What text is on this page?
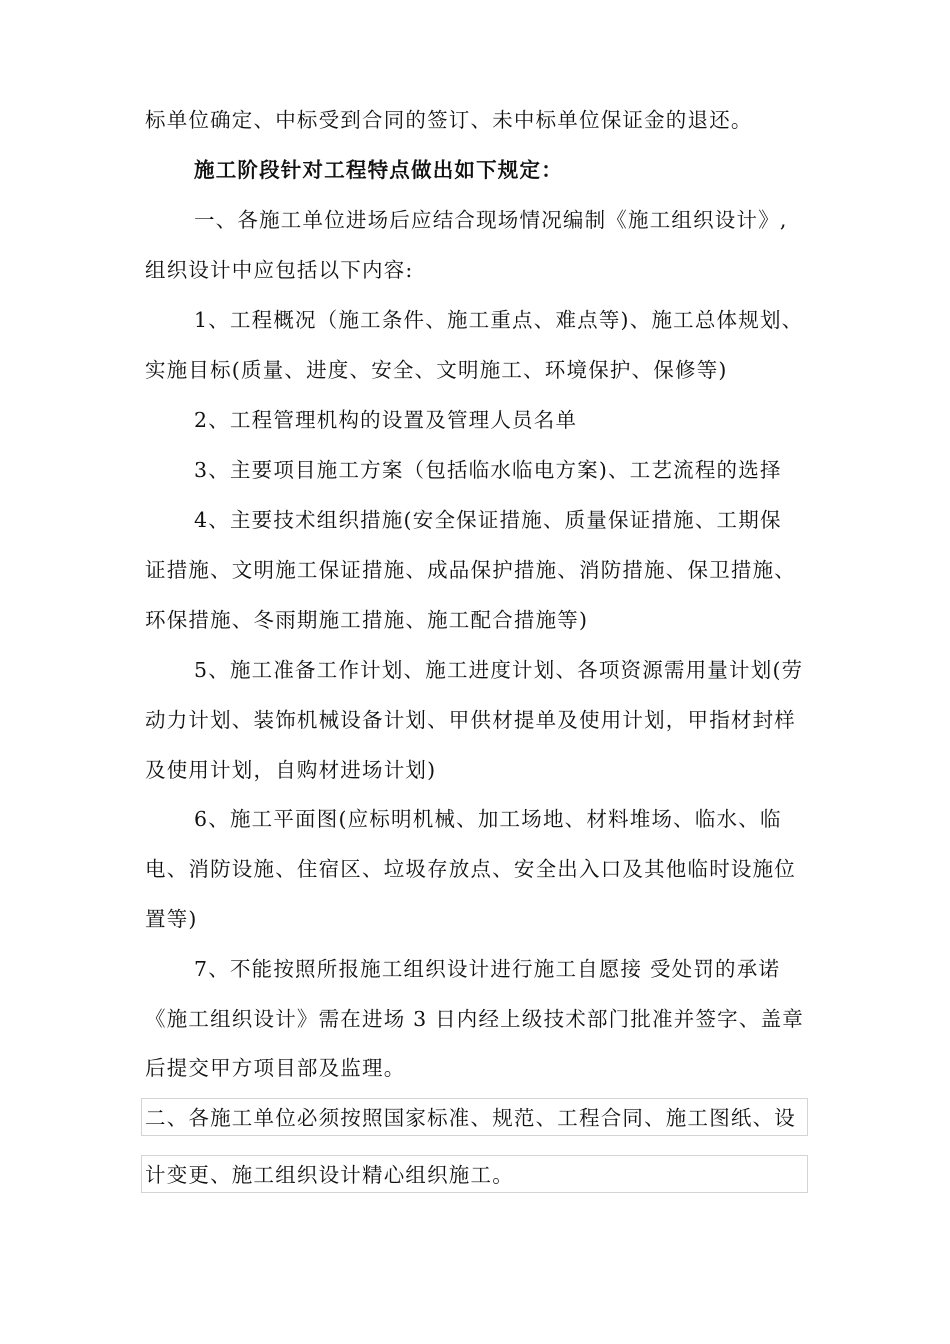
标单位确定、中标受到合同的签订、未中标单位保证金的退还。
施工阶段针对工程特点做出如下规定：
一、各施工单位进场后应结合现场情况编制《施工组织设计》,
组织设计中应包括以下内容:
1、工程概况（施工条件、施工重点、难点等)、施工总体规划、
实施目标(质量、进度、安全、文明施工、环境保护、保修等)
2、工程管理机构的设置及管理人员名单
3、主要项目施工方案（包括临水临电方案)、工艺流程的选择
4、主要技术组织措施(安全保证措施、质量保证措施、工期保
证措施、文明施工保证措施、成品保护措施、消防措施、保卫措施、
环保措施、冬雨期施工措施、施工配合措施等)
5、施工准备工作计划、施工进度计划、各项资源需用量计划(劳
动力计划、装饰机械设备计划、甲供材提单及使用计划，甲指材封样
及使用计划，自购材进场计划)
6、施工平面图(应标明机械、加工场地、材料堆场、临水、临
电、消防设施、住宿区、垃圾存放点、安全出入口及其他临时设施位
置等)
7、不能按照所报施工组织设计进行施工自愿接 受处罚的承诺
《施工组织设计》需在进场 3 日内经上级技术部门批准并签字、盖章
后提交甲方项目部及监理。
二、各施工单位必须按照国家标准、规范、工程合同、施工图纸、设
计变更、施工组织设计精心组织施工。
